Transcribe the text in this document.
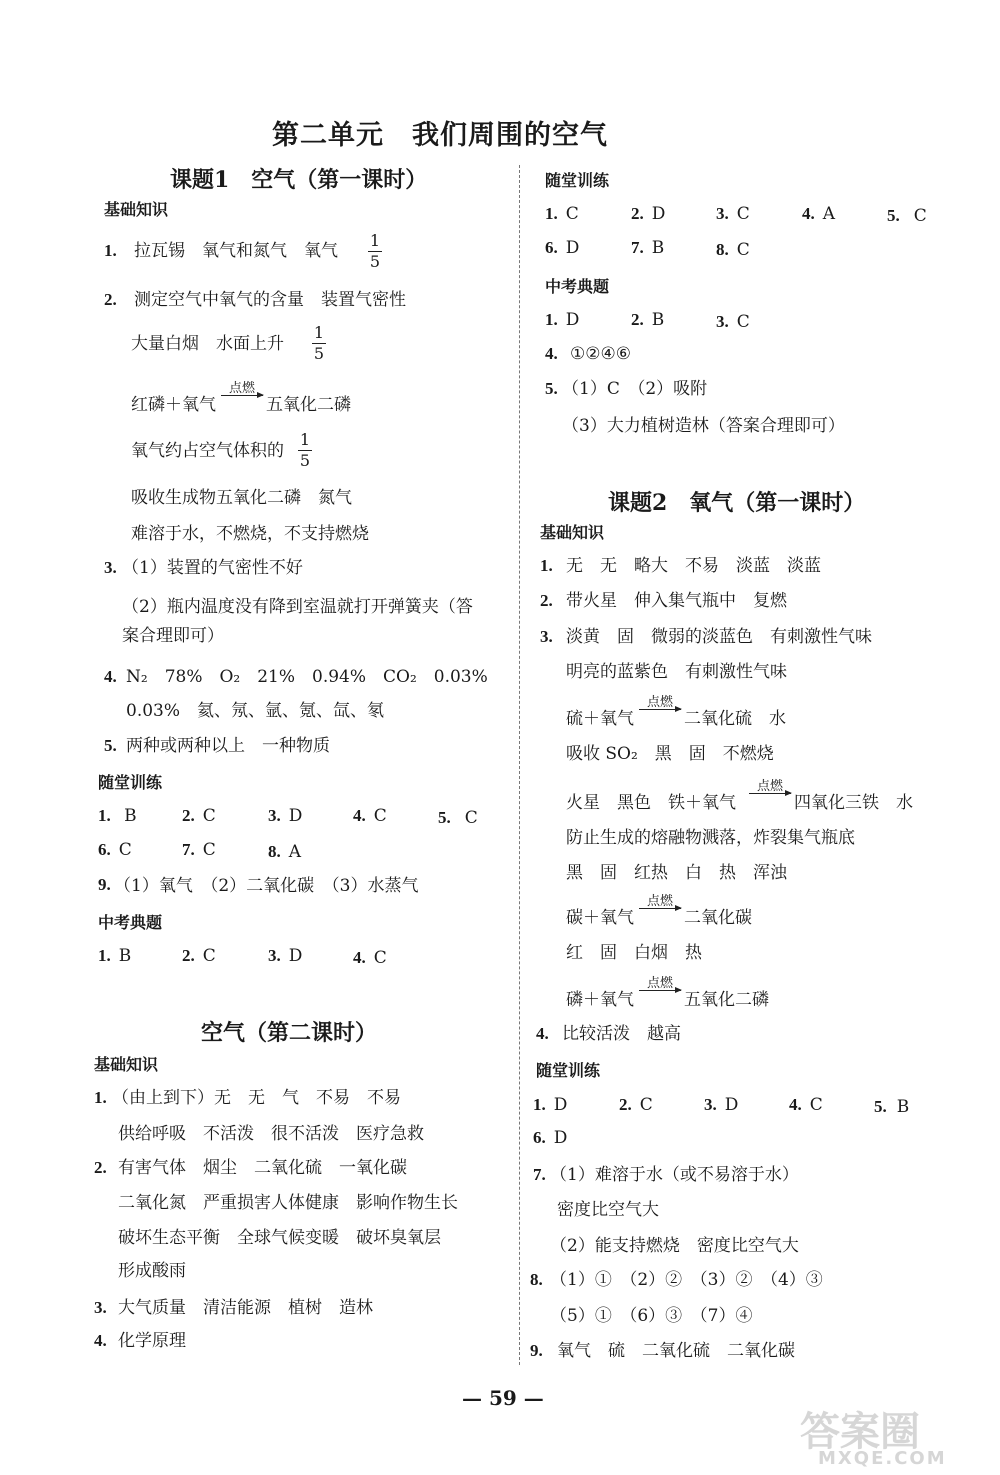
第二单元　我们周围的空气
课题1　空气（第一课时）
基础知识
1. 拉瓦锡　氧气和氮气　氧气
1
5
2. 测定空气中氧气的含量　装置气密性
大量白烟　水面上升
1
5
红磷＋氧气
点燃
五氧化二磷
氧气约占空气体积的
1
5
吸收生成物五氧化二磷　氮气
难溶于水，不燃烧，不支持燃烧
3. （1）装置的气密性不好
（2）瓶内温度没有降到室温就打开弹簧夹（答
案合理即可）
4. N₂　78%　O₂　21%　0.94%　CO₂　0.03%
0.03%　氦、氖、氩、氪、氙、氡
5. 两种或两种以上　一种物质
随堂训练
1. B	2. C	3. D	4. C	5. C
6. C	7. C	8. A
9. （1）氧气　（2）二氧化碳　（3）水蒸气
中考典题
1. B	2. C	3. D	4. C
空气（第二课时）
基础知识
1. （由上到下）无　无　气　不易　不易
供给呼吸　不活泼　很不活泼　医疗急救
2. 有害气体　烟尘　二氧化硫　一氧化碳
二氧化氮　严重损害人体健康　影响作物生长
破坏生态平衡　全球气候变暖　破坏臭氧层
形成酸雨
3. 大气质量　清洁能源　植树　造林
4. 化学原理
随堂训练
1. C	2. D	3. C	4. A	5. C
6. D	7. B	8. C
中考典题
1. D	2. B	3. C
4. ①②④⑥
5. （1）C　（2）吸附
（3）大力植树造林（答案合理即可）
课题2　氧气（第一课时）
基础知识
1. 无　无　略大　不易　淡蓝　淡蓝
2. 带火星　伸入集气瓶中　复燃
3. 淡黄　固　微弱的淡蓝色　有刺激性气味
明亮的蓝紫色　有刺激性气味
硫＋氧气
点燃
二氧化硫　水
吸收 SO₂　黑　固　不燃烧
火星　黑色　铁＋氧气
点燃
四氧化三铁　水
防止生成的熔融物溅落，炸裂集气瓶底
黑　固　红热　白　热　浑浊
碳＋氧气
点燃
二氧化碳
红　固　白烟　热
磷＋氧气
点燃
五氧化二磷
4. 比较活泼　越高
随堂训练
1. D	2. C	3. D	4. C	5. B
6. D
7. （1）难溶于水（或不易溶于水）
密度比空气大
（2）能支持燃烧　密度比空气大
8. （1）①　（2）②　（3）②　（4）③
（5）①　（6）③　（7）④
9. 氧气　硫　二氧化硫　二氧化碳
— 59 —
答案圈
MXQE.COM
